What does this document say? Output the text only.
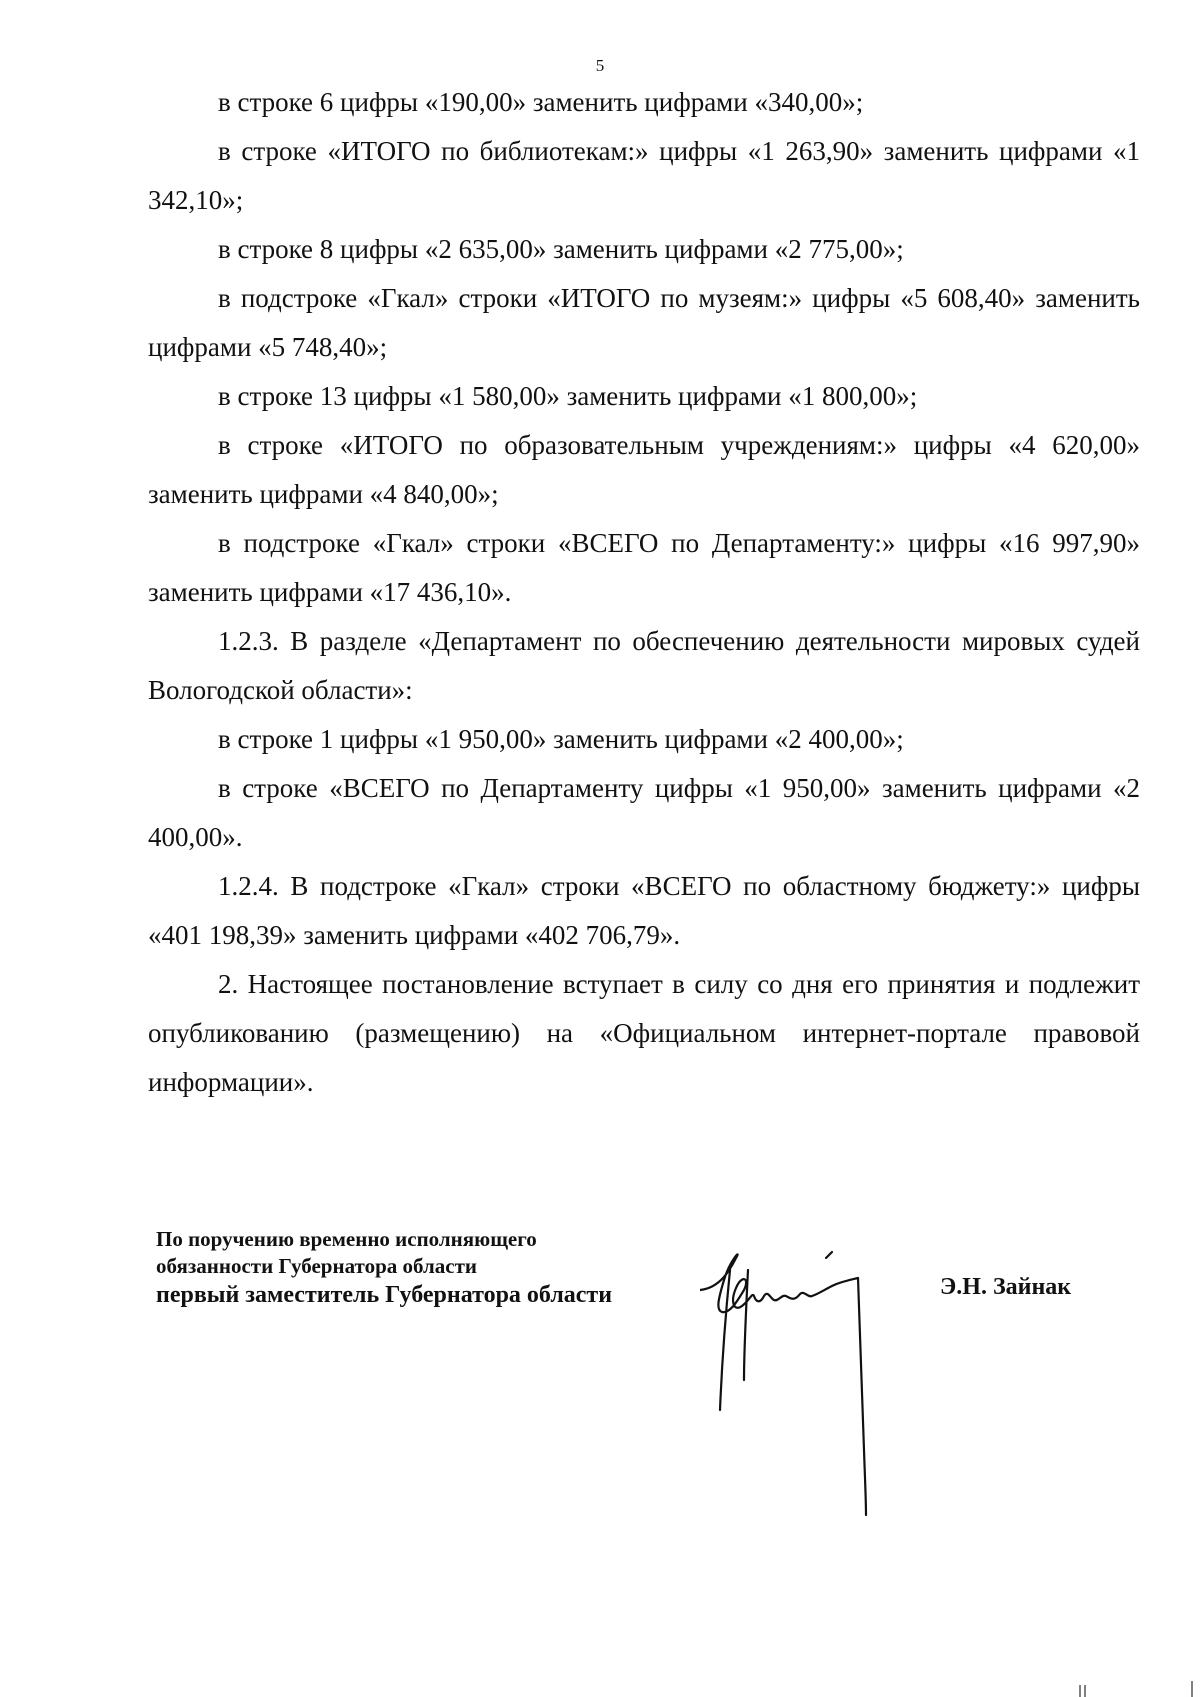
5

в строке 6 цифры «190,00» заменить цифрами «340,00»;

в строке «ИТОГО по библиотекам:» цифры «1 263,90» заменить цифрами «1 342,10»;

в строке 8 цифры «2 635,00» заменить цифрами «2 775,00»;

в подстроке «Гкал» строки «ИТОГО по музеям:» цифры «5 608,40» заменить цифрами «5 748,40»;

в строке 13 цифры «1 580,00» заменить цифрами «1 800,00»;

в строке «ИТОГО по образовательным учреждениям:» цифры «4 620,00» заменить цифрами «4 840,00»;

в подстроке «Гкал» строки «ВСЕГО по Департаменту:» цифры «16 997,90» заменить цифрами «17 436,10».

1.2.3. В разделе «Департамент по обеспечению деятельности мировых судей Вологодской области»:

в строке 1 цифры «1 950,00» заменить цифрами «2 400,00»;

в строке «ВСЕГО по Департаменту цифры «1 950,00» заменить цифрами «2 400,00».

1.2.4. В подстроке «Гкал» строки «ВСЕГО по областному бюджету:» цифры «401 198,39» заменить цифрами «402 706,79».

2. Настоящее постановление вступает в силу со дня его принятия и подлежит опубликованию (размещению) на «Официальном интернет-портале правовой информации».

По поручению временно исполняющего
обязанности Губернатора области
первый заместитель Губернатора области	Э.Н. Зайнак
